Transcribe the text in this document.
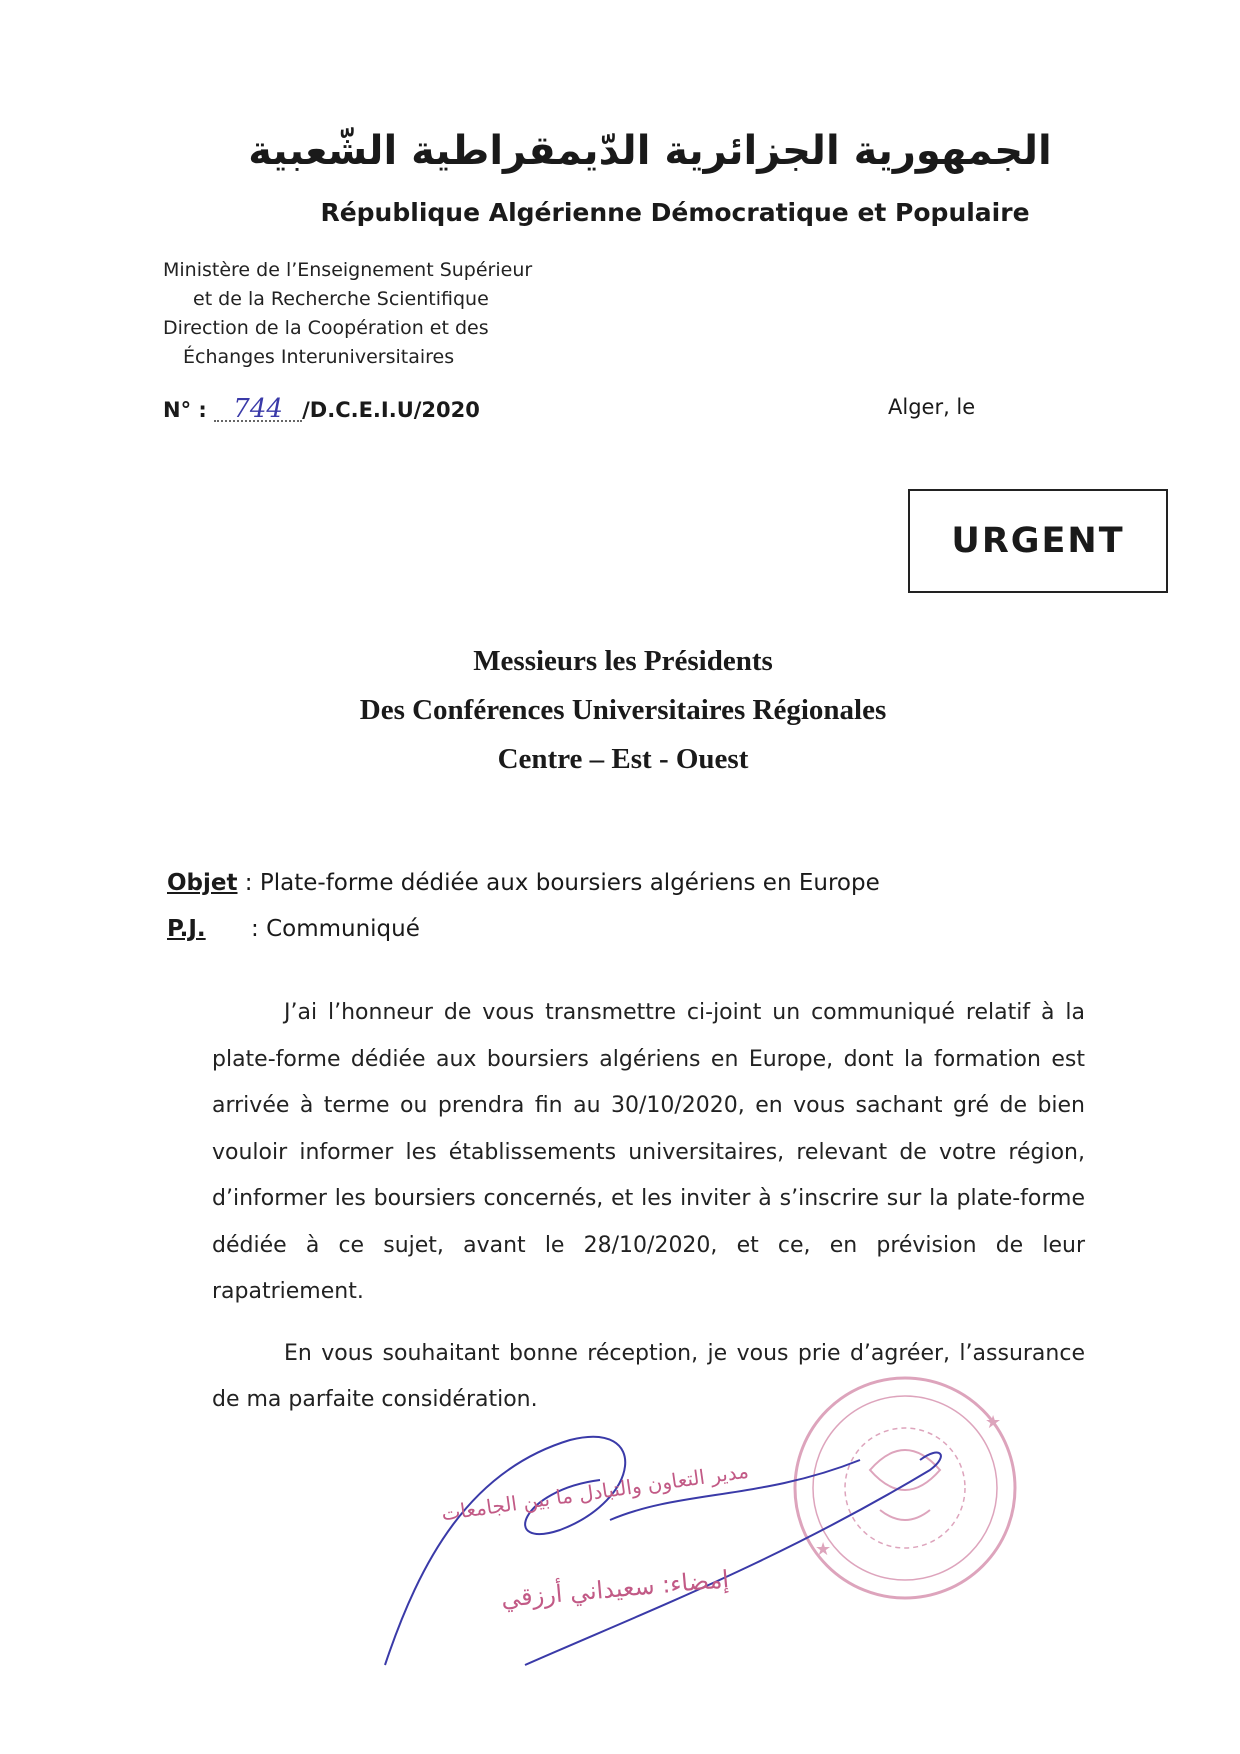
الجمهورية الجزائرية الدّيمقراطية الشّعبية
République Algérienne Démocratique et Populaire
Ministère de l’Enseignement Supérieur
et de la Recherche Scientifique
Direction de la Coopération et des
Échanges Interuniversitaires
N° : 744 /D.C.E.I.U/2020	Alger, le
URGENT
Messieurs les Présidents
Des Conférences Universitaires Régionales
Centre – Est - Ouest
Objet : Plate-forme dédiée aux boursiers algériens en Europe
P.J.	: Communiqué

J’ai l’honneur de vous transmettre ci-joint un communiqué relatif à la plate-forme dédiée aux boursiers algériens en Europe, dont la formation est arrivée à terme ou prendra fin au 30/10/2020, en vous sachant gré de bien vouloir informer les établissements universitaires, relevant de votre région, d’informer les boursiers concernés, et les inviter à s’inscrire sur la plate-forme dédiée à ce sujet, avant le 28/10/2020, et ce, en prévision de leur rapatriement.

En vous souhaitant bonne réception, je vous prie d’agréer, l’assurance de ma parfaite considération.

★
★
مدير التعاون والتبادل ما بين الجامعات
إمضاء: سعيداني أرزقي
